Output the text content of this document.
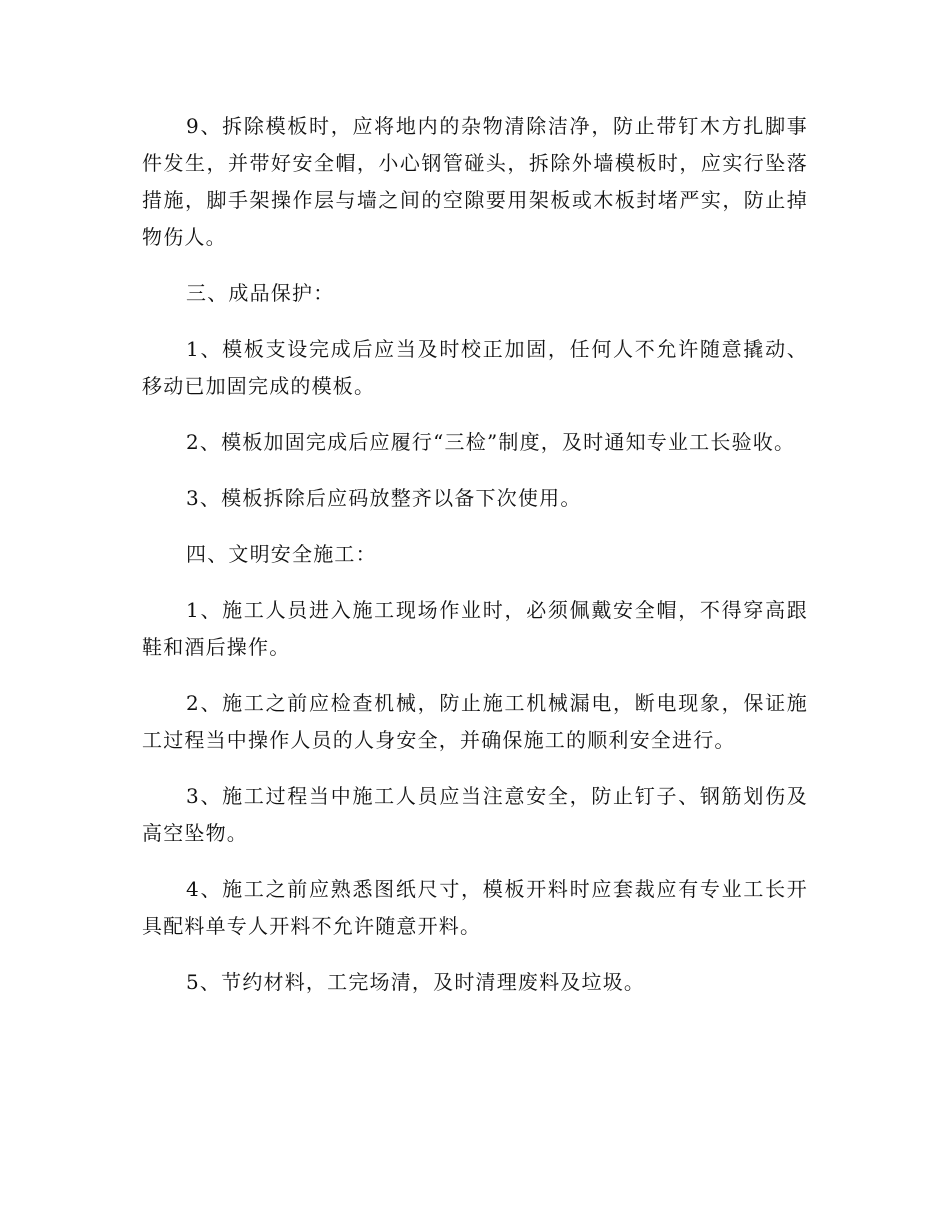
9、拆除模板时，应将地内的杂物清除洁净，防止带钉木方扎脚事件发生，并带好安全帽，小心钢管碰头，拆除外墙模板时，应实行坠落措施，脚手架操作层与墙之间的空隙要用架板或木板封堵严实，防止掉物伤人。

三、成品保护：

1、模板支设完成后应当及时校正加固，任何人不允许随意撬动、移动已加固完成的模板。

2、模板加固完成后应履行“三检”制度，及时通知专业工长验收。

3、模板拆除后应码放整齐以备下次使用。

四、文明安全施工：

1、施工人员进入施工现场作业时，必须佩戴安全帽，不得穿高跟鞋和酒后操作。

2、施工之前应检查机械，防止施工机械漏电，断电现象，保证施工过程当中操作人员的人身安全，并确保施工的顺利安全进行。

3、施工过程当中施工人员应当注意安全，防止钉子、钢筋划伤及高空坠物。

4、施工之前应熟悉图纸尺寸，模板开料时应套裁应有专业工长开具配料单专人开料不允许随意开料。

5、节约材料，工完场清，及时清理废料及垃圾。
